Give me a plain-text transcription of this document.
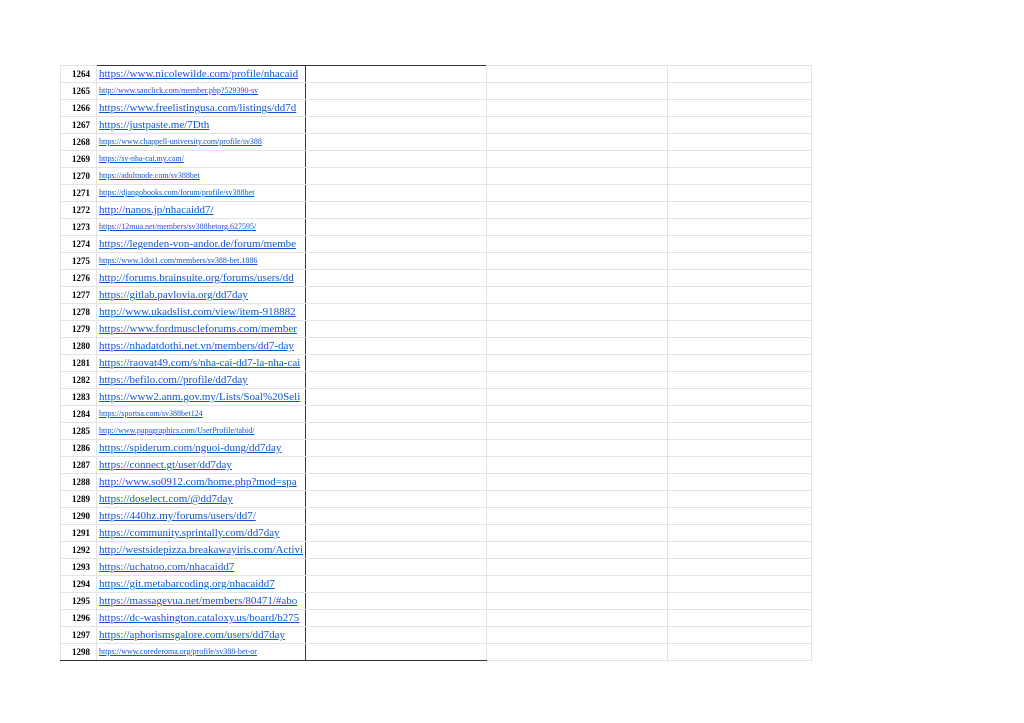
1264	https://www.nicolewilde.com/profile/nhacaid			
1265	http://www.sanclick.com/member.php?529390-sv			
1266	https://www.freelistingusa.com/listings/dd7d			
1267	https://justpaste.me/7Dth			
1268	https://www.chappell-university.com/profile/sv388			
1269	https://sv-nha-cai.my.cam/			
1270	https://adultnode.com/sv388bet			
1271	https://djangobooks.com/forum/profile/sv388bet			
1272	http://nanos.jp/nhacaidd7/			
1273	https://12mua.net/members/sv388betorg.627595/			
1274	https://legenden-von-andor.de/forum/membe			
1275	https://www.1doi1.com/members/sv388-bet.1886			
1276	http://forums.brainsuite.org/forums/users/dd			
1277	https://gitlab.pavlovia.org/dd7day			
1278	http://www.ukadslist.com/view/item-918882			
1279	https://www.fordmuscleforums.com/member			
1280	https://nhadatdothi.net.vn/members/dd7-day			
1281	https://raovat49.com/s/nha-cai-dd7-la-nha-cai			
1282	https://befilo.com//profile/dd7day			
1283	https://www2.anm.gov.my/Lists/Soal%20Seli			
1284	https://sportsa.com/sv388bet124			
1285	http://www.papagraphics.com/UserProfile/tabid/			
1286	https://spiderum.com/nguoi-dung/dd7day			
1287	https://connect.gt/user/dd7day			
1288	http://www.so0912.com/home.php?mod=spa			
1289	https://doselect.com/@dd7day			
1290	https://440hz.my/forums/users/dd7/			
1291	https://community.sprintally.com/dd7day			
1292	http://westsidepizza.breakawayiris.com/Activi			
1293	https://uchatoo.com/nhacaidd7			
1294	https://git.metabarcoding.org/nhacaidd7			
1295	https://massagevua.net/members/80471/#abo			
1296	https://dc-washington.cataloxy.us/board/b275			
1297	https://aphorismsgalore.com/users/dd7day			
1298	https://www.corederoma.org/profile/sv388-bet-or			
